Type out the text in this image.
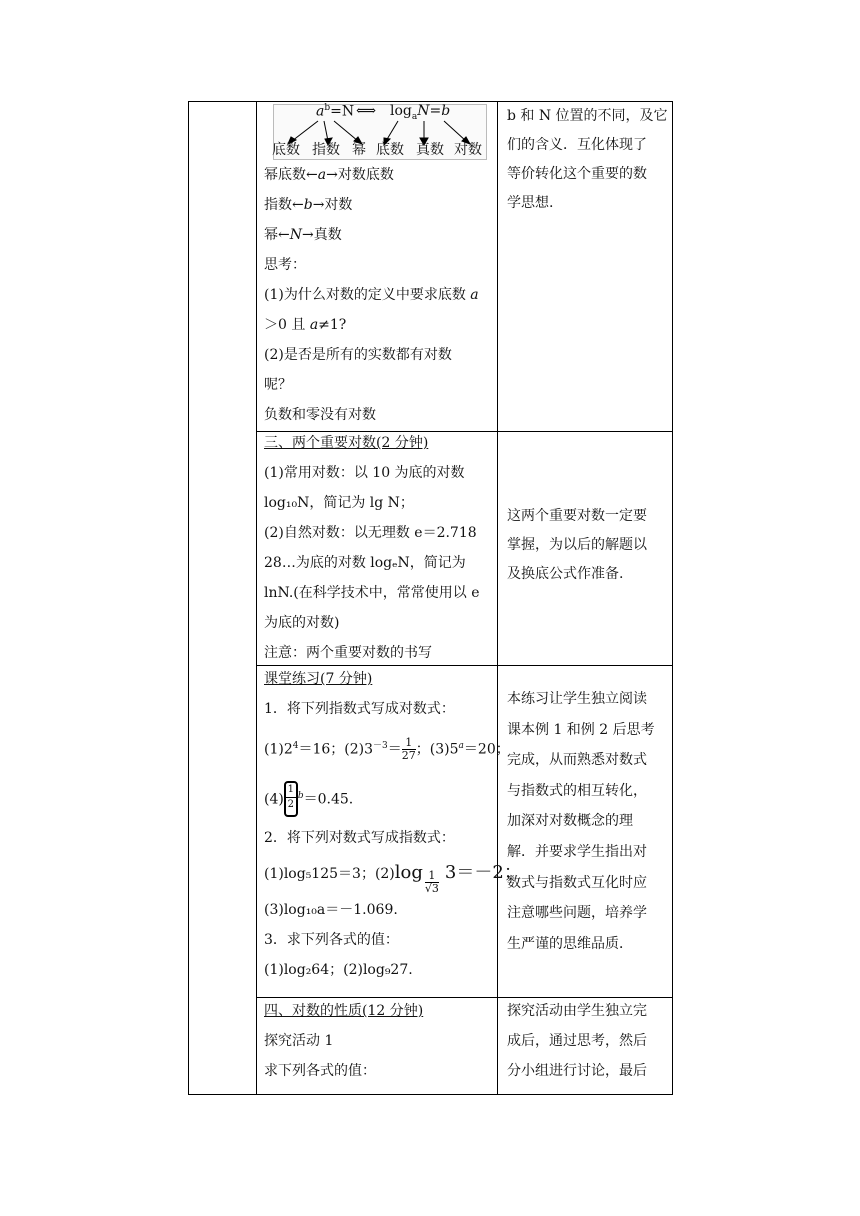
$a^b=N$ ⟺ $\log_aN=b$
底数 指数 幂 底数 真数 对数

幂底数←a→对数底数

指数←b→对数

幂←N→真数

思考：

(1)为什么对数的定义中要求底数 a

＞0 且 a≠1?

(2)是否是所有的实数都有对数

呢？

负数和零没有对数

b 和 N 位置的不同，及它

们的含义．互化体现了

等价转化这个重要的数

学思想.

三、两个重要对数(2 分钟)

(1)常用对数：以 10 为底的对数

log₁₀N，简记为 lg N；

(2)自然对数：以无理数 e＝2.718

28…为底的对数 logₑN，简记为

lnN.(在科学技术中，常常使用以 e

为底的对数)

注意：两个重要对数的书写

这两个重要对数一定要

掌握，为以后的解题以

及换底公式作准备.

课堂练习(7 分钟)

1．将下列指数式写成对数式：

$(1)2^4=16$；$(2)3^{-3}= \frac{1}{27}$ ；$(3)5^a=20$；

$(4) \frac{1}{2} ^b=0.45$.

2．将下列对数式写成指数式：

(1)log₅125＝3；$(2)\log \frac{1}{√3} 3=-2$；

(3)log₁₀a＝－1.069.

3．求下列各式的值：

(1)log₂64；(2)log₉27.

本练习让学生独立阅读

课本例 1 和例 2 后思考

完成，从而熟悉对数式

与指数式的相互转化，

加深对对数概念的理

解．并要求学生指出对

数式与指数式互化时应

注意哪些问题，培养学

生严谨的思维品质．

四、对数的性质(12 分钟)

探究活动 1

求下列各式的值：

探究活动由学生独立完

成后，通过思考，然后

分小组进行讨论，最后
